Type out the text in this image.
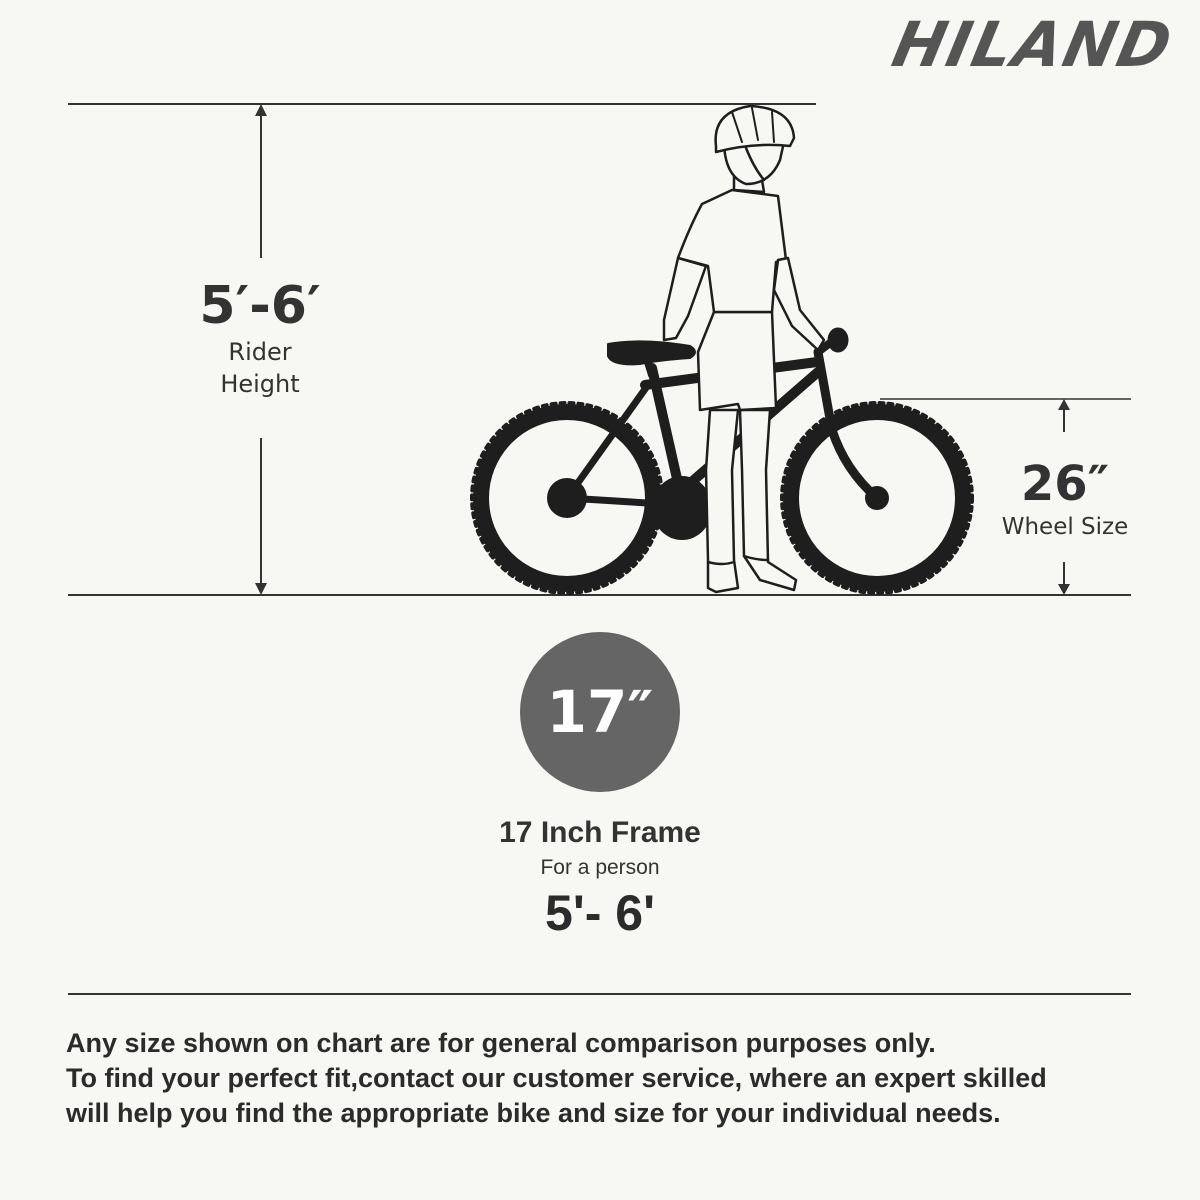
HILAND
5′-6′
Rider
Height
26″
Wheel Size
17″
17 Inch Frame
For a person
5'- 6'
Any size shown on chart are for general comparison purposes only.
To find your perfect fit,contact our customer service, where an expert skilled
will help you find the appropriate bike and size for your individual needs.
